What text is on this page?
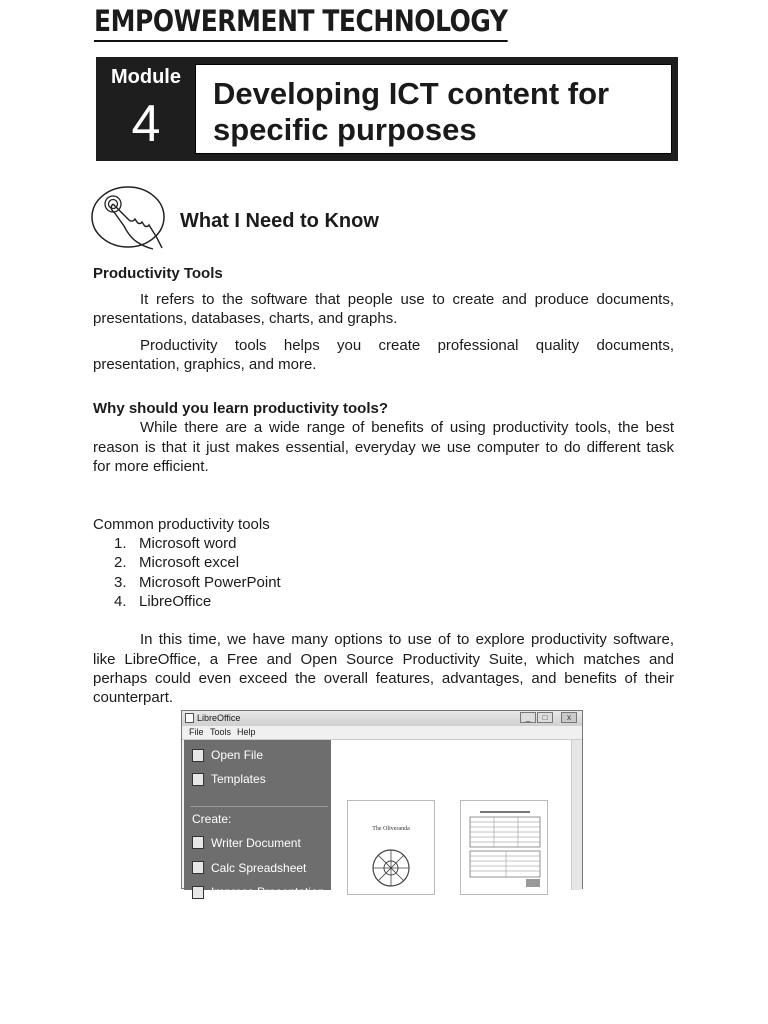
EMPOWERMENT TECHNOLOGY
Module
4
Developing ICT content for
specific purposes
What I Need to Know
Productivity Tools
It refers to the software that people use to create and produce documents,
presentations, databases, charts, and graphs.
Productivity tools helps you create professional quality documents,
presentation, graphics, and more.
Why should you learn productivity tools?
While there are a wide range of benefits of using productivity tools, the best
reason is that it just makes essential, everyday we use computer to do different task
for more efficient.
Common productivity tools
1. Microsoft word
2. Microsoft excel
3. Microsoft PowerPoint
4. LibreOffice
In this time, we have many options to use of to explore productivity software,
like LibreOffice, a Free and Open Source Productivity Suite, which matches and
perhaps could even exceed the overall features, advantages, and benefits of their
counterpart.
LibreOffice	_	□	x
File Tools Help
Open File
Templates
Create:
Writer Document
Calc Spreadsheet
Impress Presentation
The Oliveranda
